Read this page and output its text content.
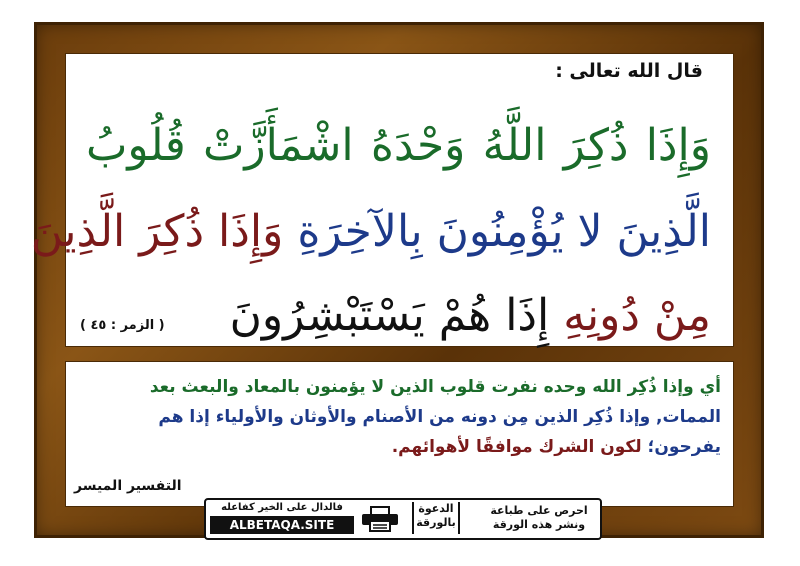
قال الله تعالى :
وَإِذَا ذُكِرَ اللَّهُ وَحْدَهُ اشْمَأَزَّتْ قُلُوبُ
الَّذِينَ لا يُؤْمِنُونَ بِالآخِرَةِ وَإِذَا ذُكِرَ الَّذِينَ
مِنْ دُونِهِ إِذَا هُمْ يَسْتَبْشِرُونَ
( الزمر : ٤٥ )
أي وإذا ذُكِر الله وحده نفرت قلوب الذين لا يؤمنون بالمعاد والبعث بعد
الممات, وإذا ذُكِر الذين مِن دونه من الأصنام والأوثان والأولياء إذا هم
يفرحون؛ لكون الشرك موافقًا لأهوائهم.
التفسير الميسر
احرص على طباعة
ونشر هذه الورقة
الدعوة
بالورقة
فالدال على الخير كفاعله
ALBETAQA.SITE
